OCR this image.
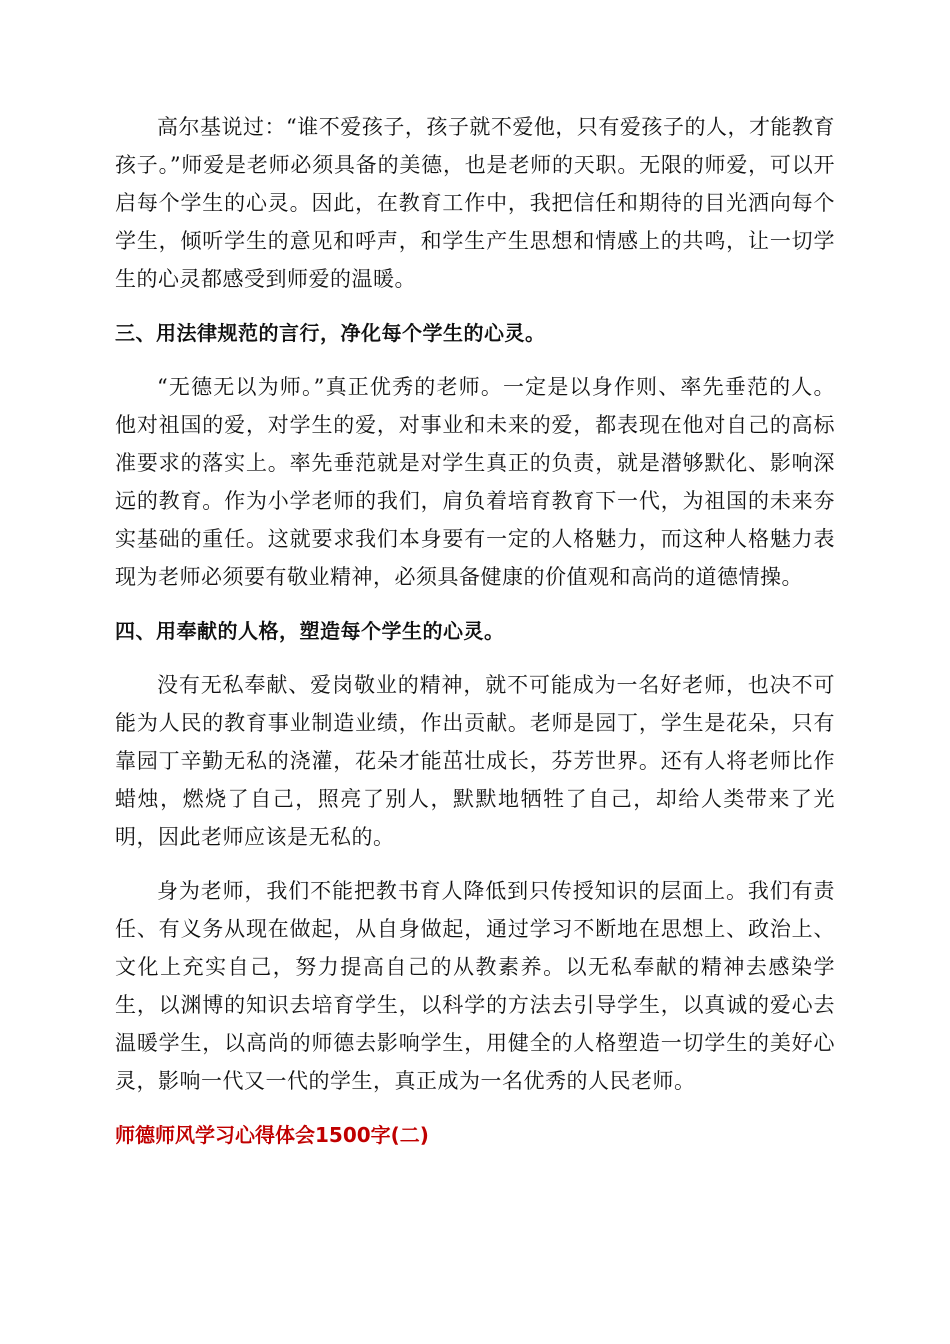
高尔基说过：“谁不爱孩子，孩子就不爱他，只有爱孩子的人，才能教育孩子。”师爱是老师必须具备的美德，也是老师的天职。无限的师爱，可以开启每个学生的心灵。因此，在教育工作中，我把信任和期待的目光洒向每个学生，倾听学生的意见和呼声，和学生产生思想和情感上的共鸣，让一切学生的心灵都感受到师爱的温暖。

三、用法律规范的言行，净化每个学生的心灵。

“无德无以为师。”真正优秀的老师。一定是以身作则、率先垂范的人。他对祖国的爱，对学生的爱，对事业和未来的爱，都表现在他对自己的高标准要求的落实上。率先垂范就是对学生真正的负责，就是潜够默化、影响深远的教育。作为小学老师的我们，肩负着培育教育下一代，为祖国的未来夯实基础的重任。这就要求我们本身要有一定的人格魅力，而这种人格魅力表现为老师必须要有敬业精神，必须具备健康的价值观和高尚的道德情操。

四、用奉献的人格，塑造每个学生的心灵。

没有无私奉献、爱岗敬业的精神，就不可能成为一名好老师，也决不可能为人民的教育事业制造业绩，作出贡献。老师是园丁，学生是花朵，只有靠园丁辛勤无私的浇灌，花朵才能茁壮成长，芬芳世界。还有人将老师比作蜡烛，燃烧了自己，照亮了别人，默默地牺牲了自己，却给人类带来了光明，因此老师应该是无私的。

身为老师，我们不能把教书育人降低到只传授知识的层面上。我们有责任、有义务从现在做起，从自身做起，通过学习不断地在思想上、政治上、文化上充实自己，努力提高自己的从教素养。以无私奉献的精神去感染学生，以渊博的知识去培育学生，以科学的方法去引导学生，以真诚的爱心去温暖学生，以高尚的师德去影响学生，用健全的人格塑造一切学生的美好心灵，影响一代又一代的学生，真正成为一名优秀的人民老师。

师德师风学习心得体会1500字(二)
